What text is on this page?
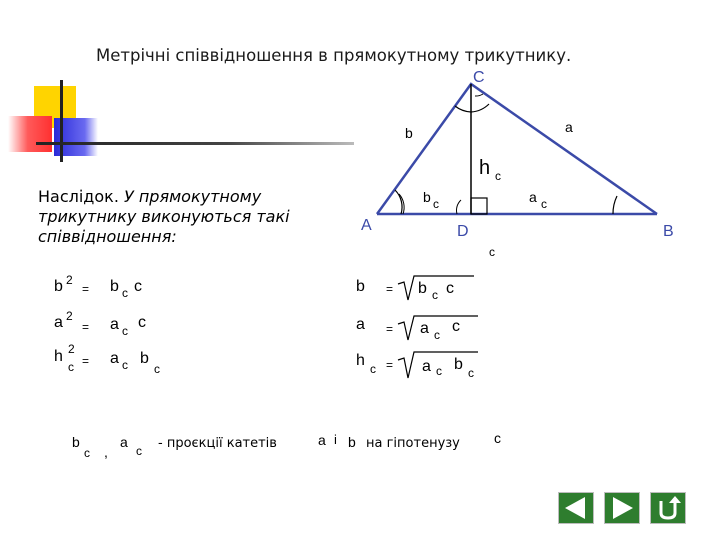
Метрічні співвідношення в прямокутному трикутнику.
Наслідок. У прямокутному трикутнику виконуються такі співвідношення:
C
A	B
D
b	a
c
h c
b c	a c
b 2
= b c c
a 2
= a c c
h 2
c = a c b
c
b = b c c
a = a c c
h c = a c b c
b
c ,
a
c - проєкції катетів	a і b на гіпотенузу c
